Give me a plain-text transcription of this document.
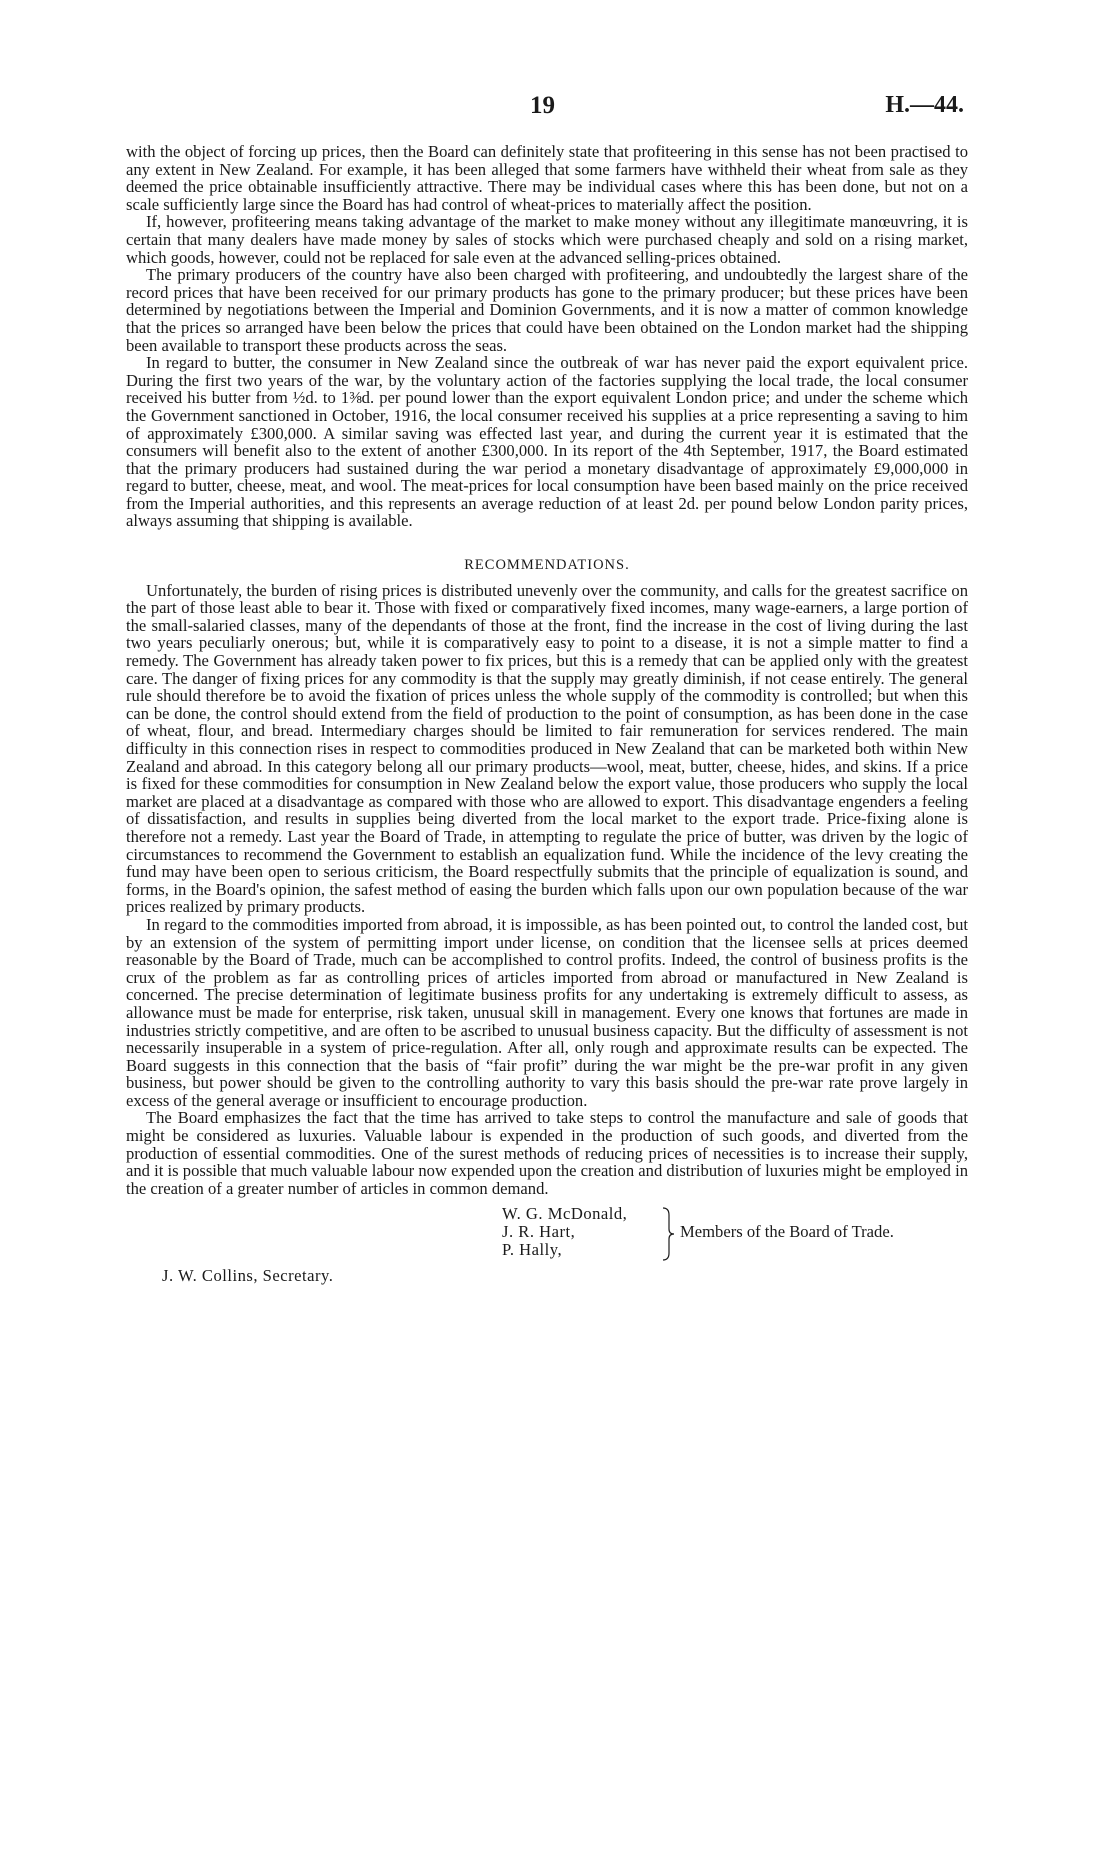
19	H.—44.

with the object of forcing up prices, then the Board can definitely state that profiteering in this sense has not been practised to any extent in New Zealand. For example, it has been alleged that some farmers have withheld their wheat from sale as they deemed the price obtainable insufficiently attractive. There may be individual cases where this has been done, but not on a scale sufficiently large since the Board has had control of wheat-prices to materially affect the position.

If, however, profiteering means taking advantage of the market to make money without any illegitimate manœuvring, it is certain that many dealers have made money by sales of stocks which were purchased cheaply and sold on a rising market, which goods, however, could not be replaced for sale even at the advanced selling-prices obtained.

The primary producers of the country have also been charged with profiteering, and undoubtedly the largest share of the record prices that have been received for our primary products has gone to the primary producer; but these prices have been determined by negotiations between the Imperial and Dominion Governments, and it is now a matter of common knowledge that the prices so arranged have been below the prices that could have been obtained on the London market had the shipping been available to transport these products across the seas.

In regard to butter, the consumer in New Zealand since the outbreak of war has never paid the export equivalent price. During the first two years of the war, by the voluntary action of the factories supplying the local trade, the local consumer received his butter from ½d. to 1⅜d. per pound lower than the export equivalent London price; and under the scheme which the Government sanctioned in October, 1916, the local consumer received his supplies at a price representing a saving to him of approximately £300,000. A similar saving was effected last year, and during the current year it is estimated that the consumers will benefit also to the extent of another £300,000. In its report of the 4th September, 1917, the Board estimated that the primary producers had sustained during the war period a monetary disadvantage of approximately £9,000,000 in regard to butter, cheese, meat, and wool. The meat-prices for local consumption have been based mainly on the price received from the Imperial authorities, and this represents an average reduction of at least 2d. per pound below London parity prices, always assuming that shipping is available.

RECOMMENDATIONS.

Unfortunately, the burden of rising prices is distributed unevenly over the community, and calls for the greatest sacrifice on the part of those least able to bear it. Those with fixed or comparatively fixed incomes, many wage-earners, a large portion of the small-salaried classes, many of the dependants of those at the front, find the increase in the cost of living during the last two years peculiarly onerous; but, while it is comparatively easy to point to a disease, it is not a simple matter to find a remedy. The Government has already taken power to fix prices, but this is a remedy that can be applied only with the greatest care. The danger of fixing prices for any commodity is that the supply may greatly diminish, if not cease entirely. The general rule should therefore be to avoid the fixation of prices unless the whole supply of the commodity is controlled; but when this can be done, the control should extend from the field of production to the point of consumption, as has been done in the case of wheat, flour, and bread. Intermediary charges should be limited to fair remuneration for services rendered. The main difficulty in this connection rises in respect to commodities produced in New Zealand that can be marketed both within New Zealand and abroad. In this category belong all our primary products—wool, meat, butter, cheese, hides, and skins. If a price is fixed for these commodities for consumption in New Zealand below the export value, those producers who supply the local market are placed at a disadvantage as compared with those who are allowed to export. This disadvantage engenders a feeling of dissatisfaction, and results in supplies being diverted from the local market to the export trade. Price-fixing alone is therefore not a remedy. Last year the Board of Trade, in attempting to regulate the price of butter, was driven by the logic of circumstances to recommend the Government to establish an equalization fund. While the incidence of the levy creating the fund may have been open to serious criticism, the Board respectfully submits that the principle of equalization is sound, and forms, in the Board's opinion, the safest method of easing the burden which falls upon our own population because of the war prices realized by primary products.

In regard to the commodities imported from abroad, it is impossible, as has been pointed out, to control the landed cost, but by an extension of the system of permitting import under license, on condition that the licensee sells at prices deemed reasonable by the Board of Trade, much can be accomplished to control profits. Indeed, the control of business profits is the crux of the problem as far as controlling prices of articles imported from abroad or manufactured in New Zealand is concerned. The precise determination of legitimate business profits for any undertaking is extremely difficult to assess, as allowance must be made for enterprise, risk taken, unusual skill in management. Every one knows that fortunes are made in industries strictly competitive, and are often to be ascribed to unusual business capacity. But the difficulty of assessment is not necessarily insuperable in a system of price-regulation. After all, only rough and approximate results can be expected. The Board suggests in this connection that the basis of “fair profit” during the war might be the pre-war profit in any given business, but power should be given to the controlling authority to vary this basis should the pre-war rate prove largely in excess of the general average or insufficient to encourage production.

The Board emphasizes the fact that the time has arrived to take steps to control the manufacture and sale of goods that might be considered as luxuries. Valuable labour is expended in the production of such goods, and diverted from the production of essential commodities. One of the surest methods of reducing prices of necessities is to increase their supply, and it is possible that much valuable labour now expended upon the creation and distribution of luxuries might be employed in the creation of a greater number of articles in common demand.

W. G. McDonald,
J. R. Hart,
P. Hally,
Members of the Board of Trade.
J. W. Collins, Secretary.
